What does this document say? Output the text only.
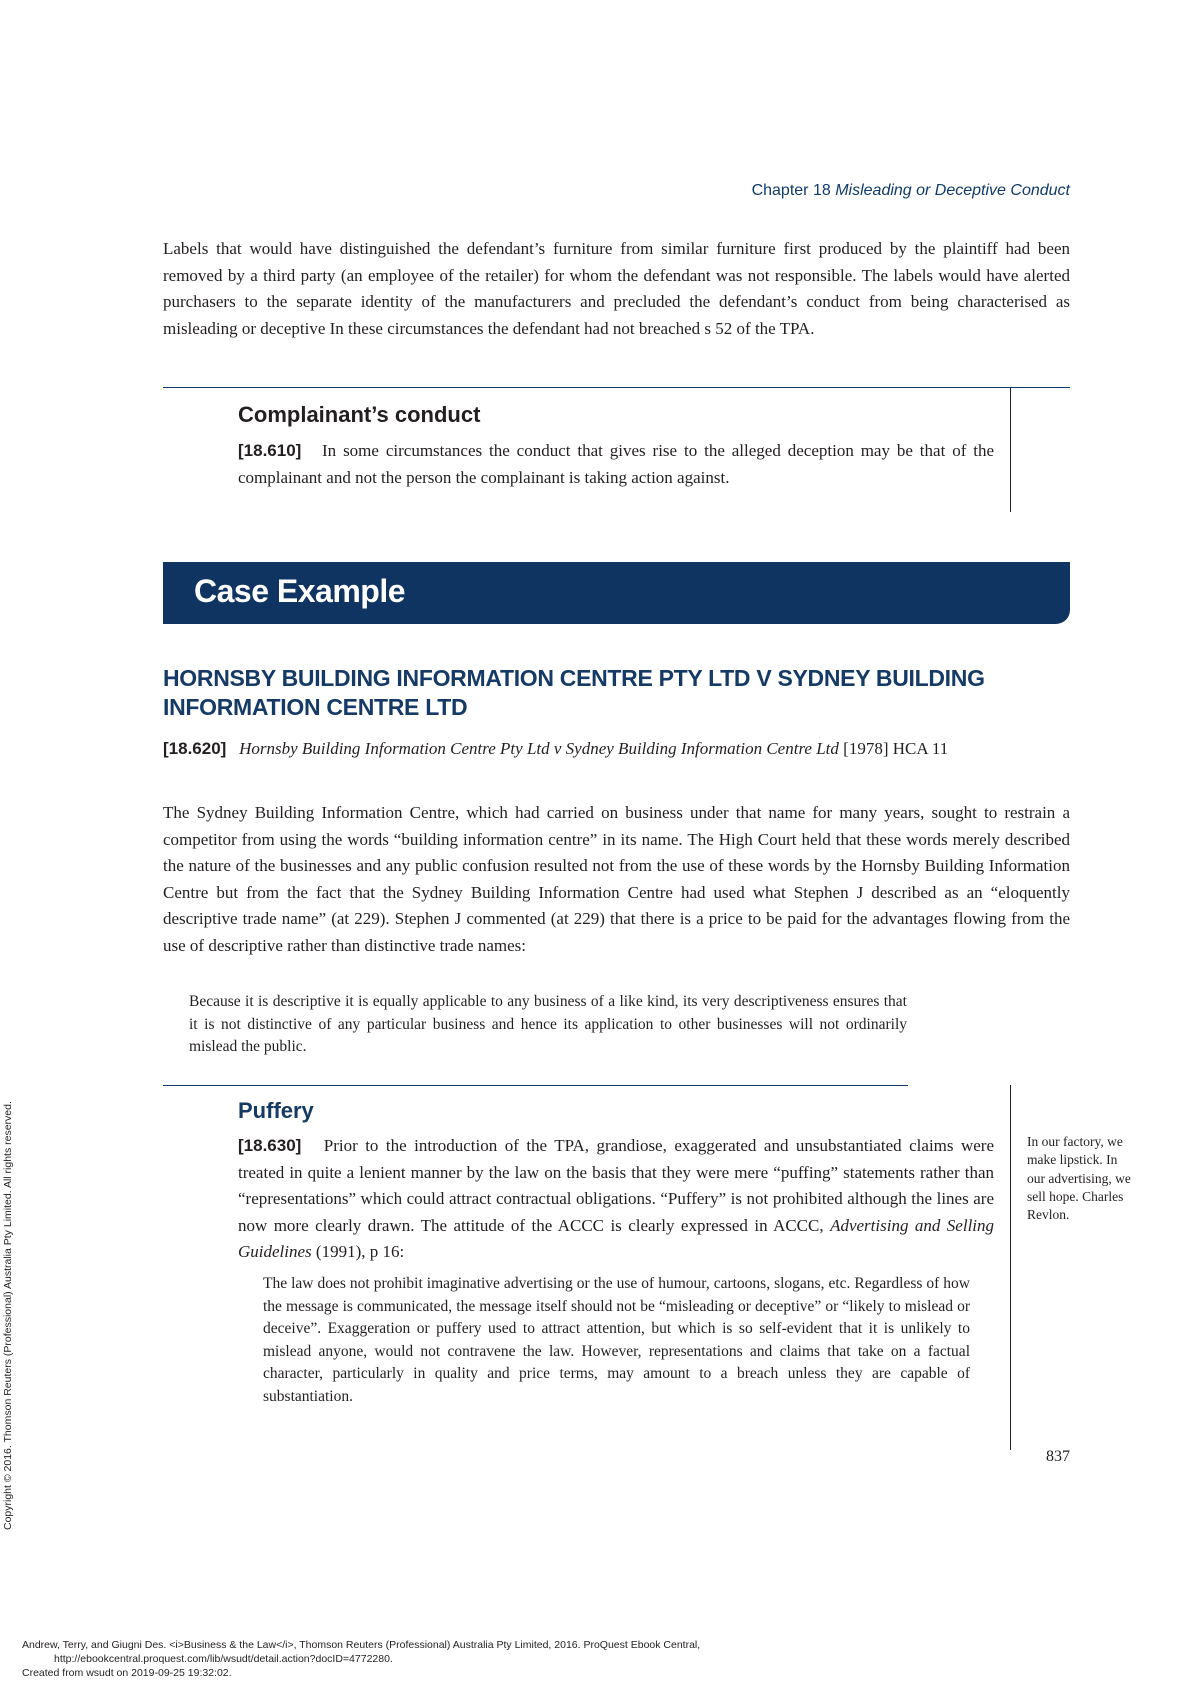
Chapter 18 Misleading or Deceptive Conduct
Labels that would have distinguished the defendant’s furniture from similar furniture first produced by the plaintiff had been removed by a third party (an employee of the retailer) for whom the defendant was not responsible. The labels would have alerted purchasers to the separate identity of the manufacturers and precluded the defendant’s conduct from being characterised as misleading or deceptive In these circumstances the defendant had not breached s 52 of the TPA.
Complainant’s conduct
[18.610] In some circumstances the conduct that gives rise to the alleged deception may be that of the complainant and not the person the complainant is taking action against.
Case Example
HORNSBY BUILDING INFORMATION CENTRE PTY LTD V SYDNEY BUILDING INFORMATION CENTRE LTD
[18.620] Hornsby Building Information Centre Pty Ltd v Sydney Building Information Centre Ltd [1978] HCA 11
The Sydney Building Information Centre, which had carried on business under that name for many years, sought to restrain a competitor from using the words “building information centre” in its name. The High Court held that these words merely described the nature of the businesses and any public confusion resulted not from the use of these words by the Hornsby Building Information Centre but from the fact that the Sydney Building Information Centre had used what Stephen J described as an “eloquently descriptive trade name” (at 229). Stephen J commented (at 229) that there is a price to be paid for the advantages flowing from the use of descriptive rather than distinctive trade names:
Because it is descriptive it is equally applicable to any business of a like kind, its very descriptiveness ensures that it is not distinctive of any particular business and hence its application to other businesses will not ordinarily mislead the public.
Puffery
[18.630] Prior to the introduction of the TPA, grandiose, exaggerated and unsubstantiated claims were treated in quite a lenient manner by the law on the basis that they were mere “puffing” statements rather than “representations” which could attract contractual obligations. “Puffery” is not prohibited although the lines are now more clearly drawn. The attitude of the ACCC is clearly expressed in ACCC, Advertising and Selling Guidelines (1991), p 16:
The law does not prohibit imaginative advertising or the use of humour, cartoons, slogans, etc. Regardless of how the message is communicated, the message itself should not be “misleading or deceptive” or “likely to mislead or deceive”. Exaggeration or puffery used to attract attention, but which is so self-evident that it is unlikely to mislead anyone, would not contravene the law. However, representations and claims that take on a factual character, particularly in quality and price terms, may amount to a breach unless they are capable of substantiation.
In our factory, we make lipstick. In our advertising, we sell hope. Charles Revlon.
837
Copyright © 2016. Thomson Reuters (Professional) Australia Pty Limited. All rights reserved.
Andrew, Terry, and Giugni Des. <i>Business & the Law</i>, Thomson Reuters (Professional) Australia Pty Limited, 2016. ProQuest Ebook Central,
http://ebookcentral.proquest.com/lib/wsudt/detail.action?docID=4772280.
Created from wsudt on 2019-09-25 19:32:02.
